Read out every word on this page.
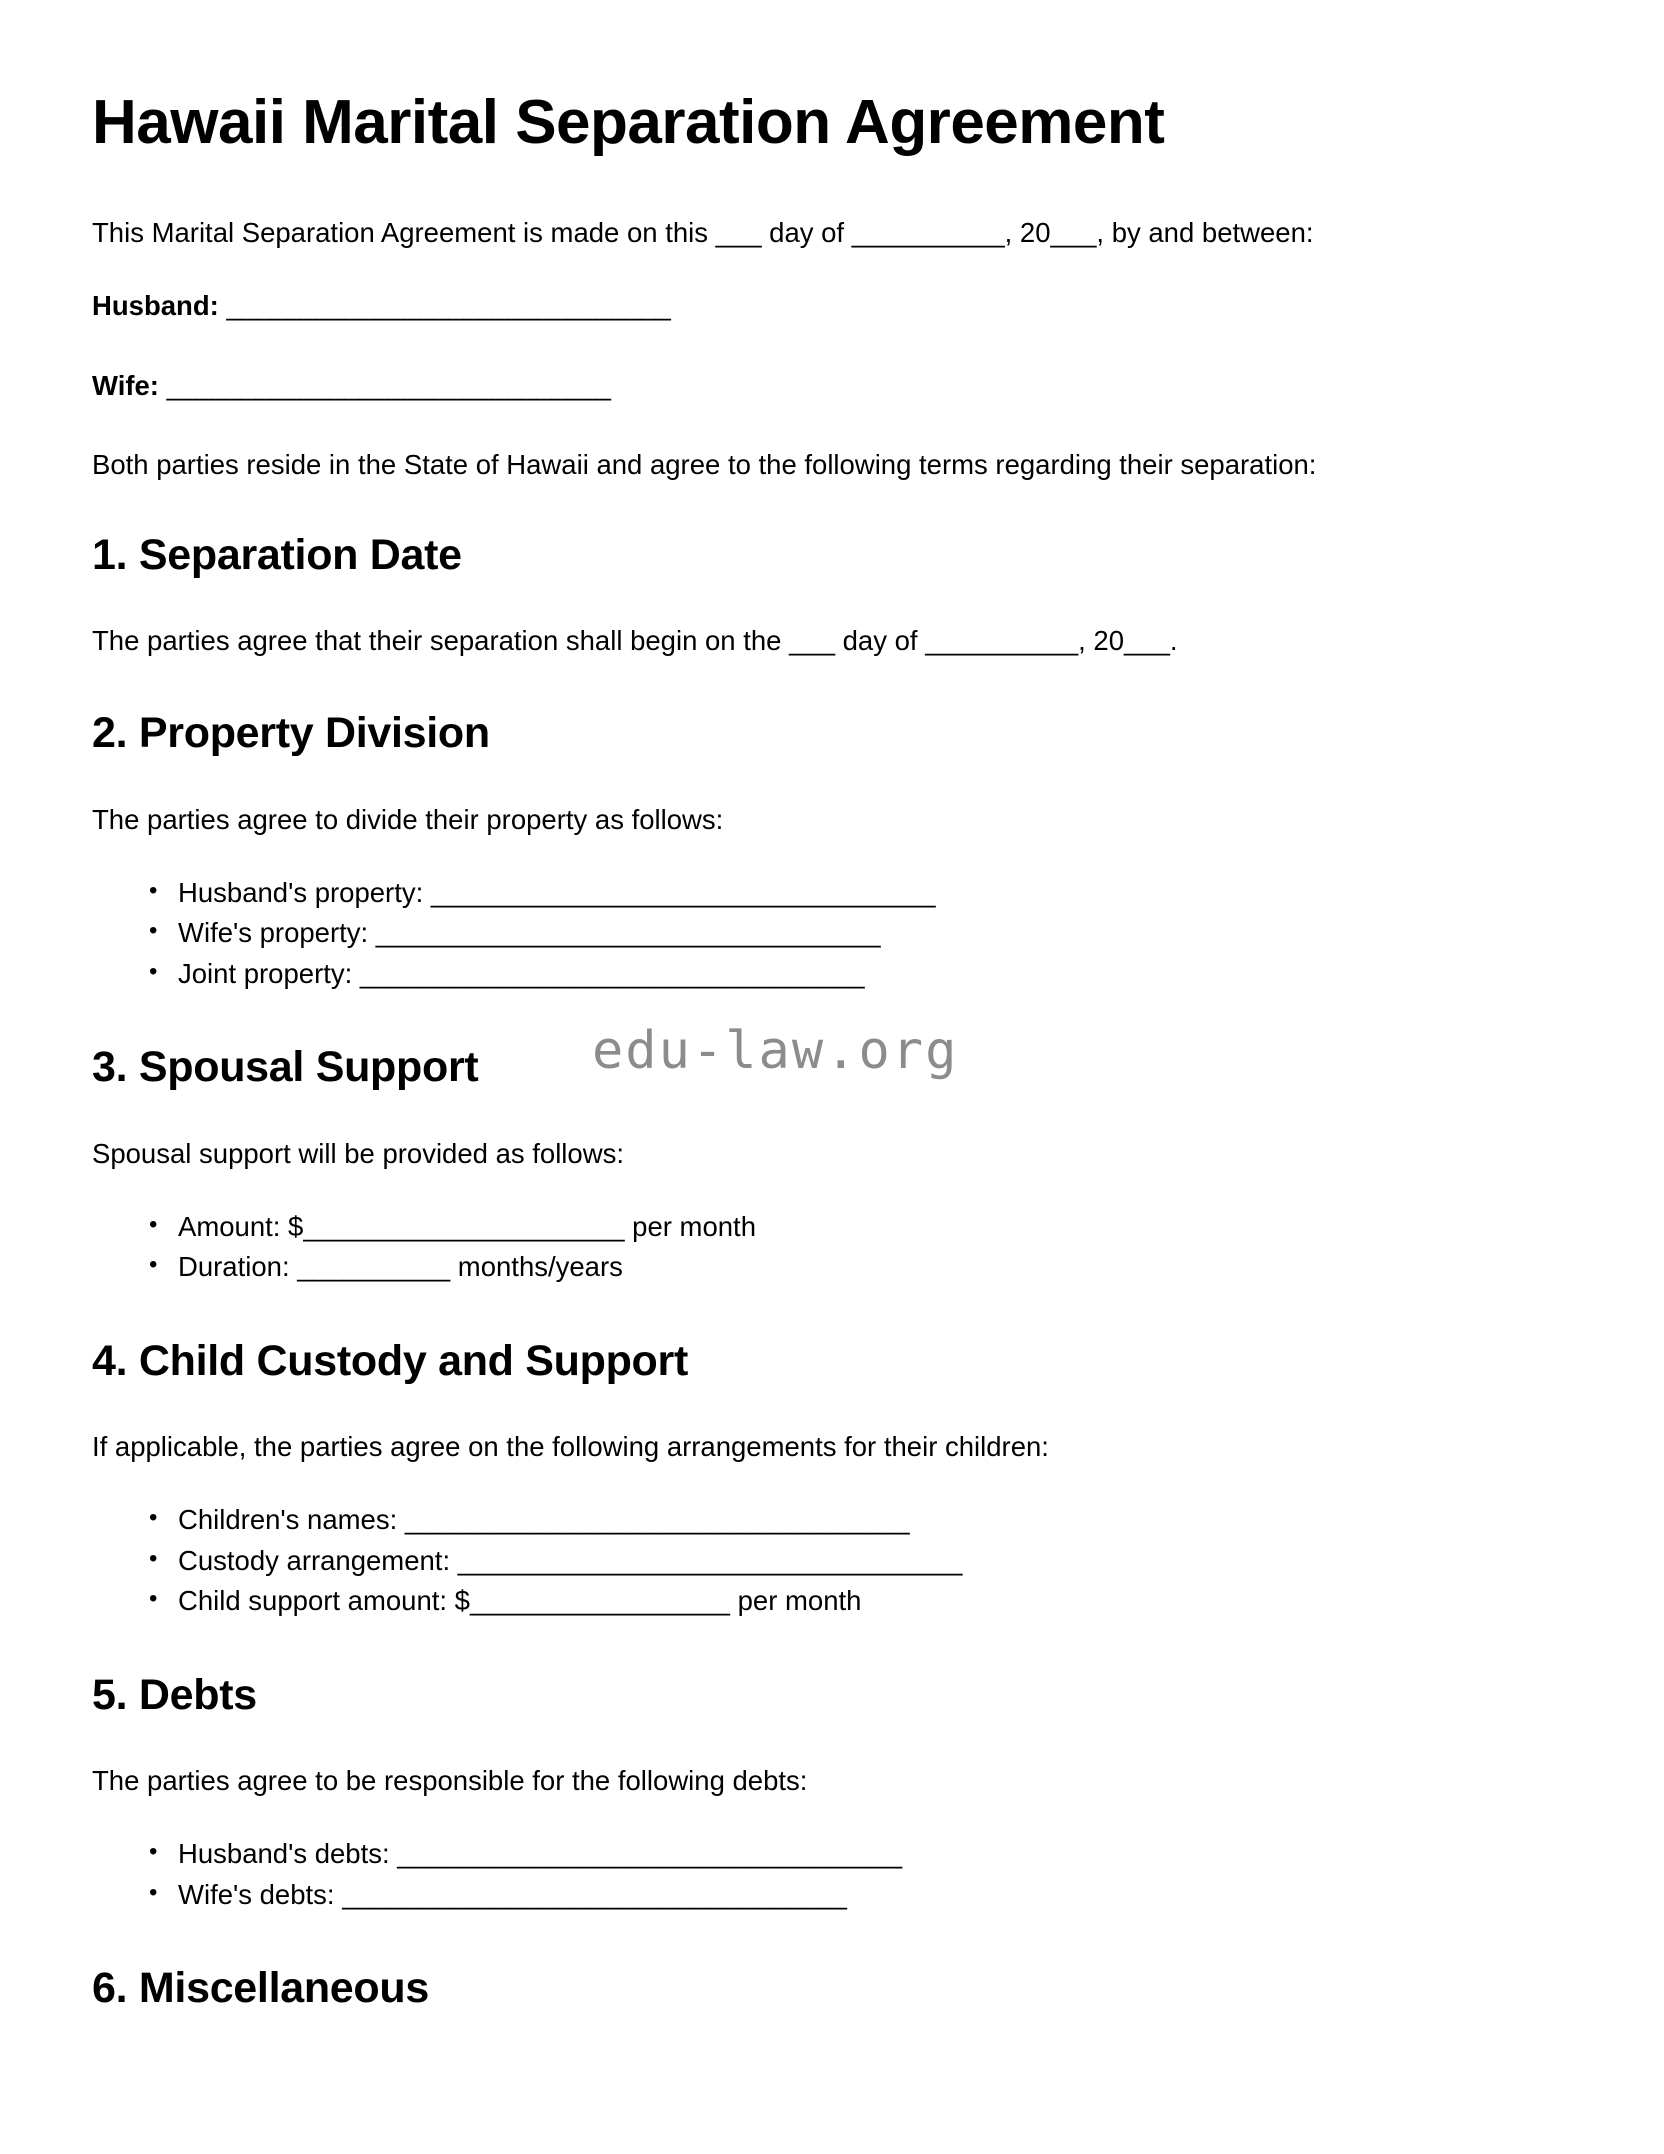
Hawaii Marital Separation Agreement

This Marital Separation Agreement is made on this ___ day of __________, 20___, by and between:

Husband: ______________________________

Wife: ______________________________

Both parties reside in the State of Hawaii and agree to the following terms regarding their separation:

1. Separation Date

The parties agree that their separation shall begin on the ___ day of __________, 20___.

2. Property Division

The parties agree to divide their property as follows:

• Husband's property: _________________________________
• Wife's property: _________________________________
• Joint property: _________________________________
3. Spousal Support

Spousal support will be provided as follows:

• Amount: $_____________________ per month
• Duration: __________ months/years
4. Child Custody and Support

If applicable, the parties agree on the following arrangements for their children:

• Children's names: _________________________________
• Custody arrangement: _________________________________
• Child support amount: $_________________ per month
5. Debts

The parties agree to be responsible for the following debts:

• Husband's debts: _________________________________
• Wife's debts: _________________________________
6. Miscellaneous
edu-law.org
